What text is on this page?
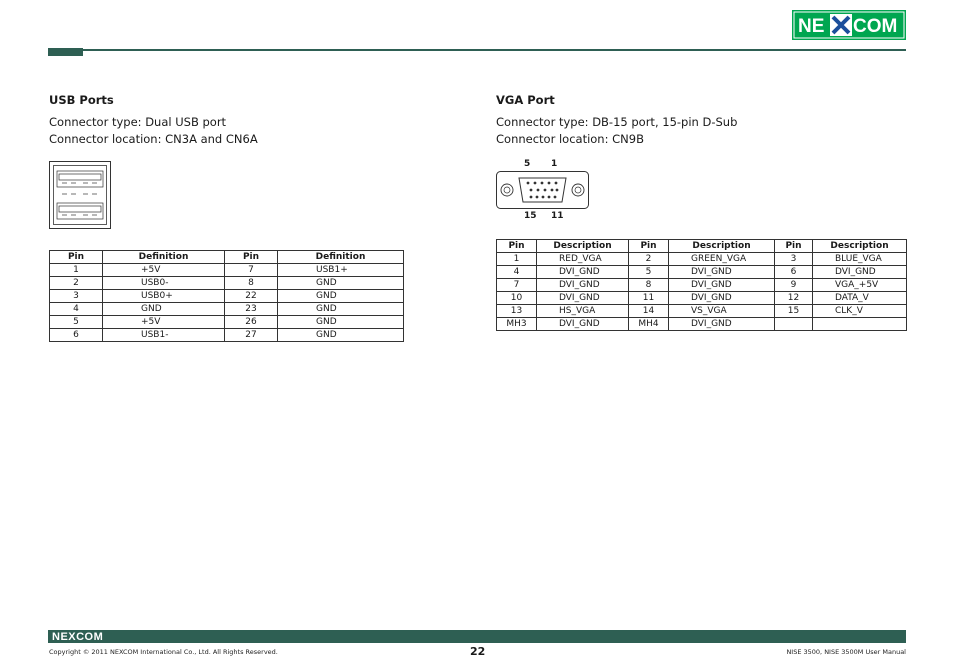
NE COM
USB Ports
Connector type: Dual USB port
Connector location: CN3A and CN6A
Pin	Definition	Pin	Definition
1	+5V	7	USB1+
2	USB0-	8	GND
3	USB0+	22	GND
4	GND	23	GND
5	+5V	26	GND
6	USB1-	27	GND
VGA Port
Connector type: DB-15 port, 15-pin D-Sub
Connector location: CN9B
5 1
15 11
Pin	Description	Pin	Description	Pin	Description
1	RED_VGA	2	GREEN_VGA	3	BLUE_VGA
4	DVI_GND	5	DVI_GND	6	DVI_GND
7	DVI_GND	8	DVI_GND	9	VGA_+5V
10	DVI_GND	11	DVI_GND	12	DATA_V
13	HS_VGA	14	VS_VGA	15	CLK_V
MH3	DVI_GND	MH4	DVI_GND		
NEXCOM
Copyright © 2011 NEXCOM International Co., Ltd. All Rights Reserved.	22	NISE 3500, NISE 3500M User Manual
